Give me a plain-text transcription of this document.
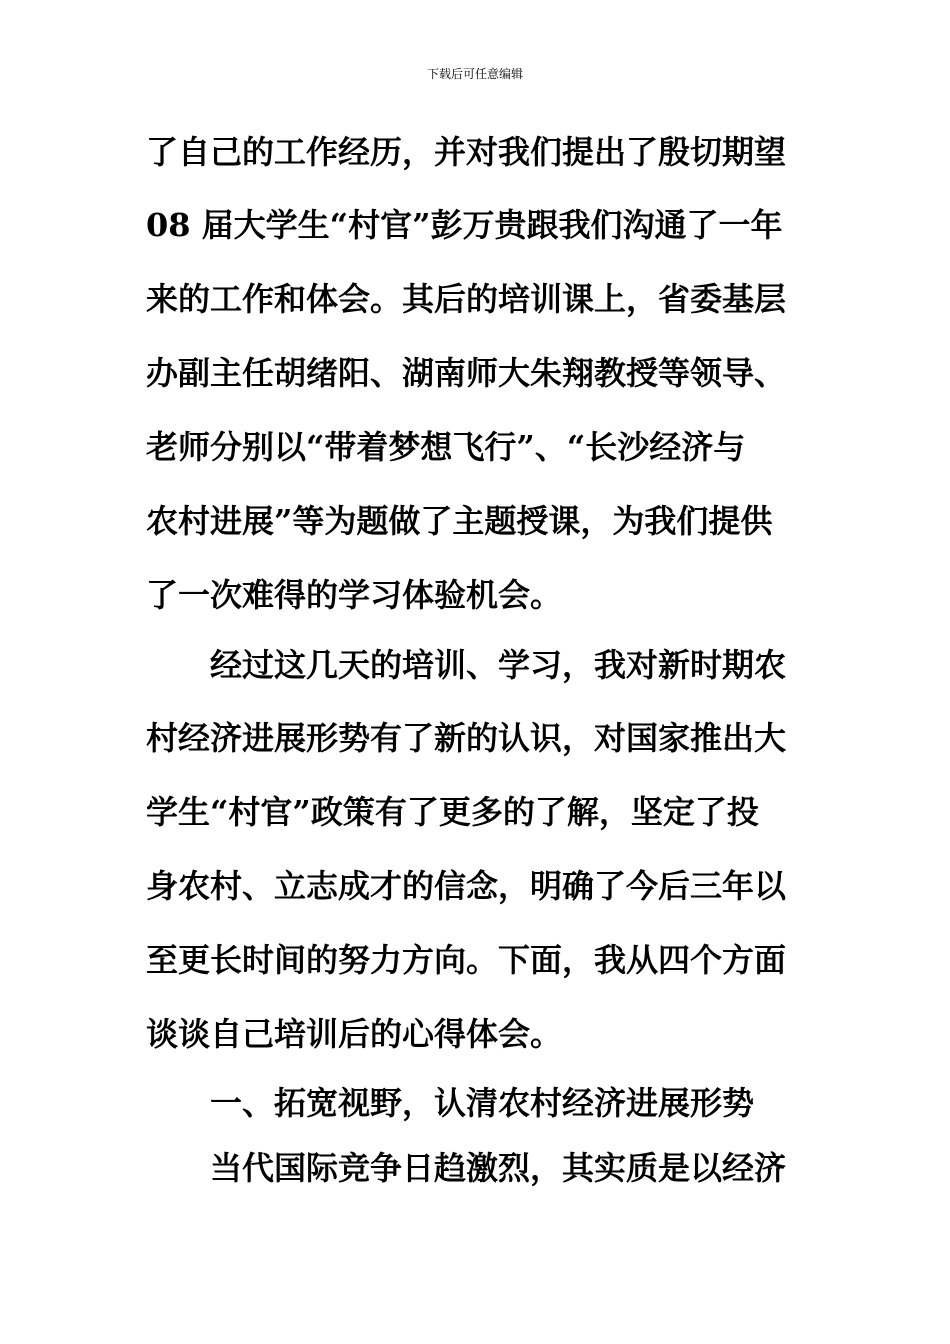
下载后可任意编辑
了自己的工作经历，并对我们提出了殷切期望
08 届大学生“村官”彭万贵跟我们沟通了一年
来的工作和体会。其后的培训课上，省委基层
办副主任胡绪阳、湖南师大朱翔教授等领导、
老师分别以“带着梦想飞行”、“长沙经济与
农村进展”等为题做了主题授课，为我们提供
了一次难得的学习体验机会。
经过这几天的培训、学习，我对新时期农
村经济进展形势有了新的认识，对国家推出大
学生“村官”政策有了更多的了解，坚定了投
身农村、立志成才的信念，明确了今后三年以
至更长时间的努力方向。下面，我从四个方面
谈谈自己培训后的心得体会。
一、拓宽视野，认清农村经济进展形势
当代国际竞争日趋激烈，其实质是以经济
